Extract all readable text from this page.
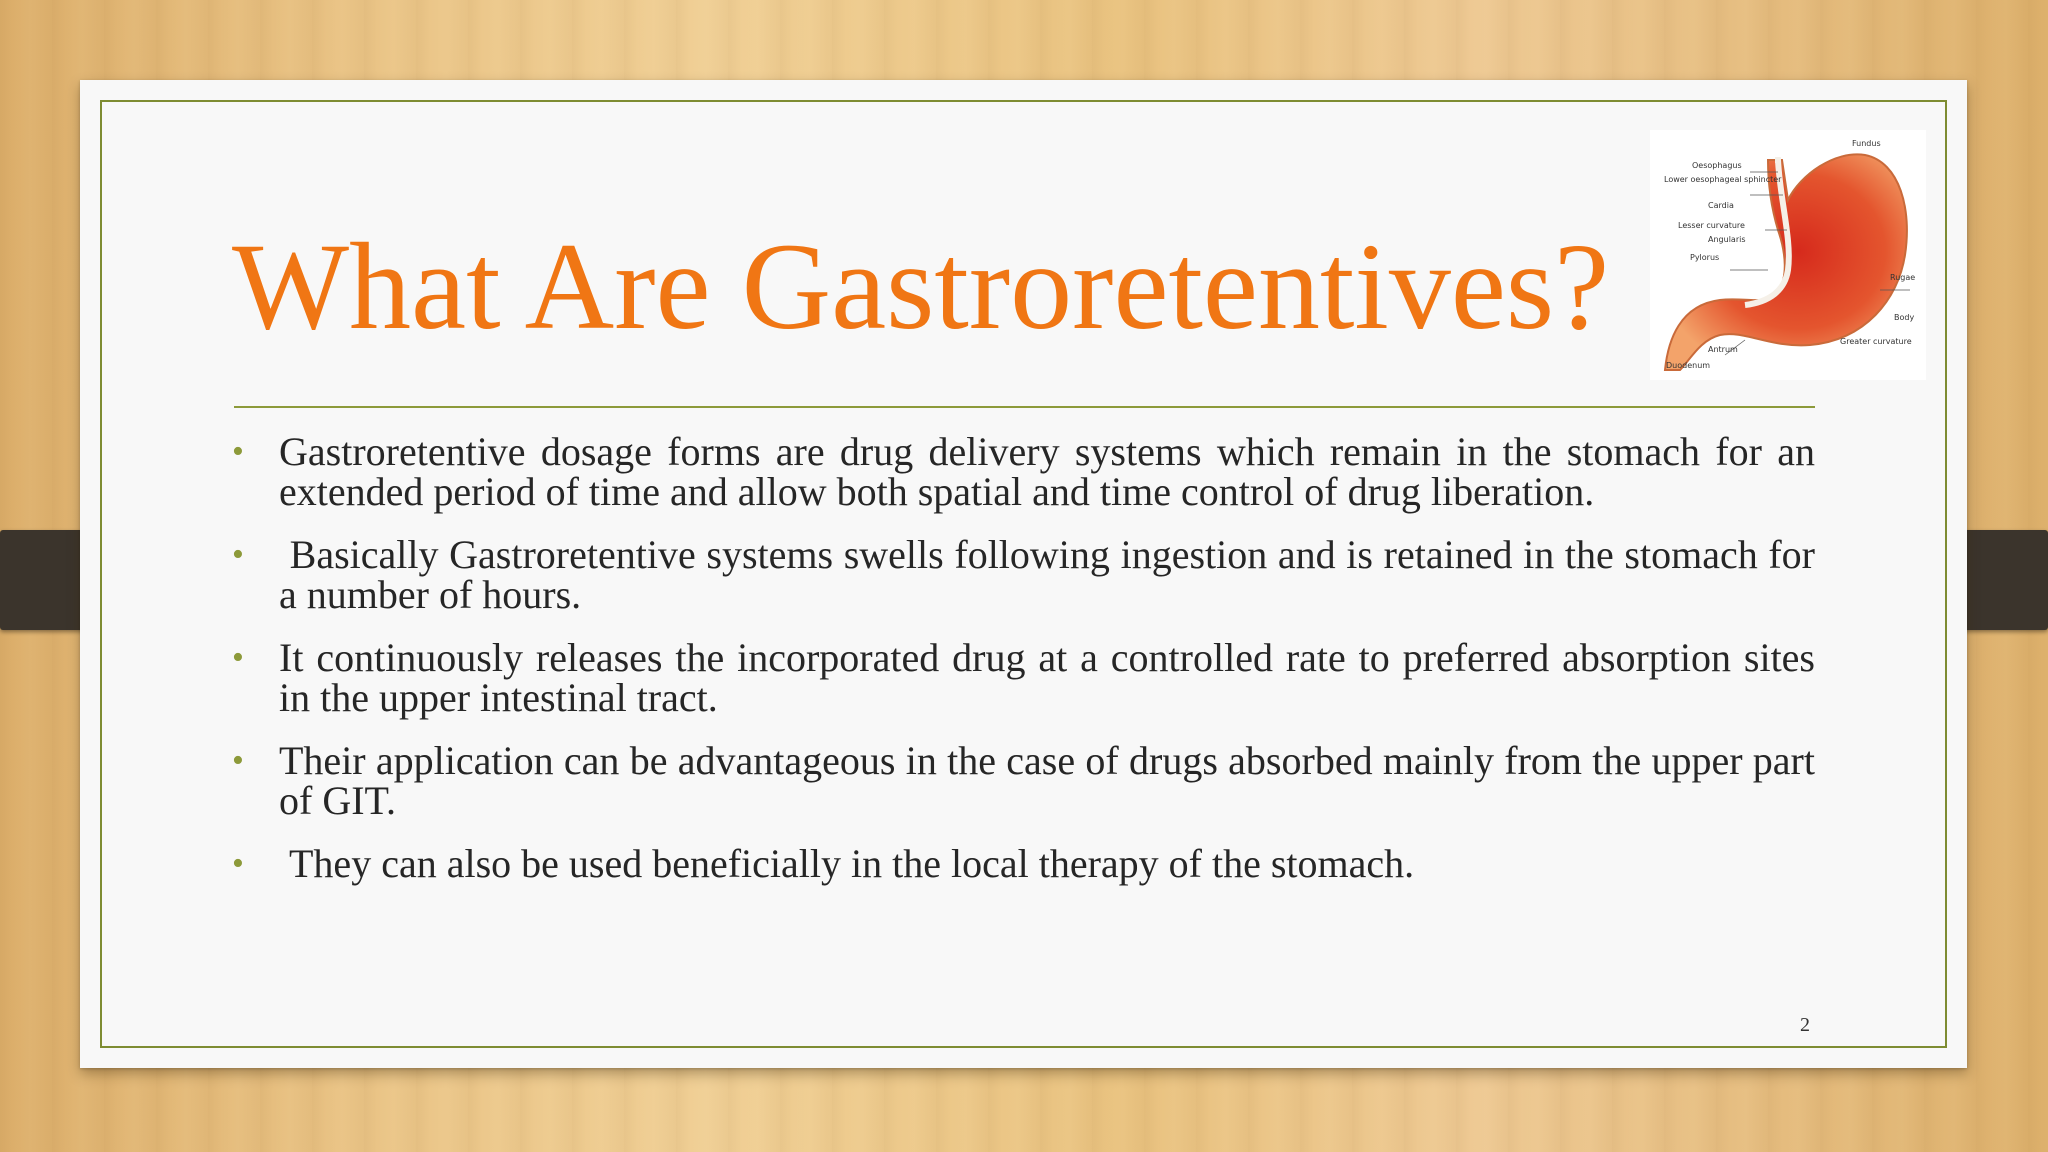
What Are Gastroretentives?
Fundus
Oesophagus
Lower oesophageal sphincter
Cardia
Lesser curvature
Angularis
Pylorus
Rugae
Body
Greater curvature
Antrum
Duodenum
• Gastroretentive dosage forms are drug delivery systems which remain in the stomach for an extended period of time and allow both spatial and time control of drug liberation.
• Basically Gastroretentive systems swells following ingestion and is retained in the stomach for a number of hours.
• It continuously releases the incorporated drug at a controlled rate to preferred absorption sites in the upper intestinal tract.
• Their application can be advantageous in the case of drugs absorbed mainly from the upper part of GIT.
• They can also be used beneficially in the local therapy of the stomach.
2
